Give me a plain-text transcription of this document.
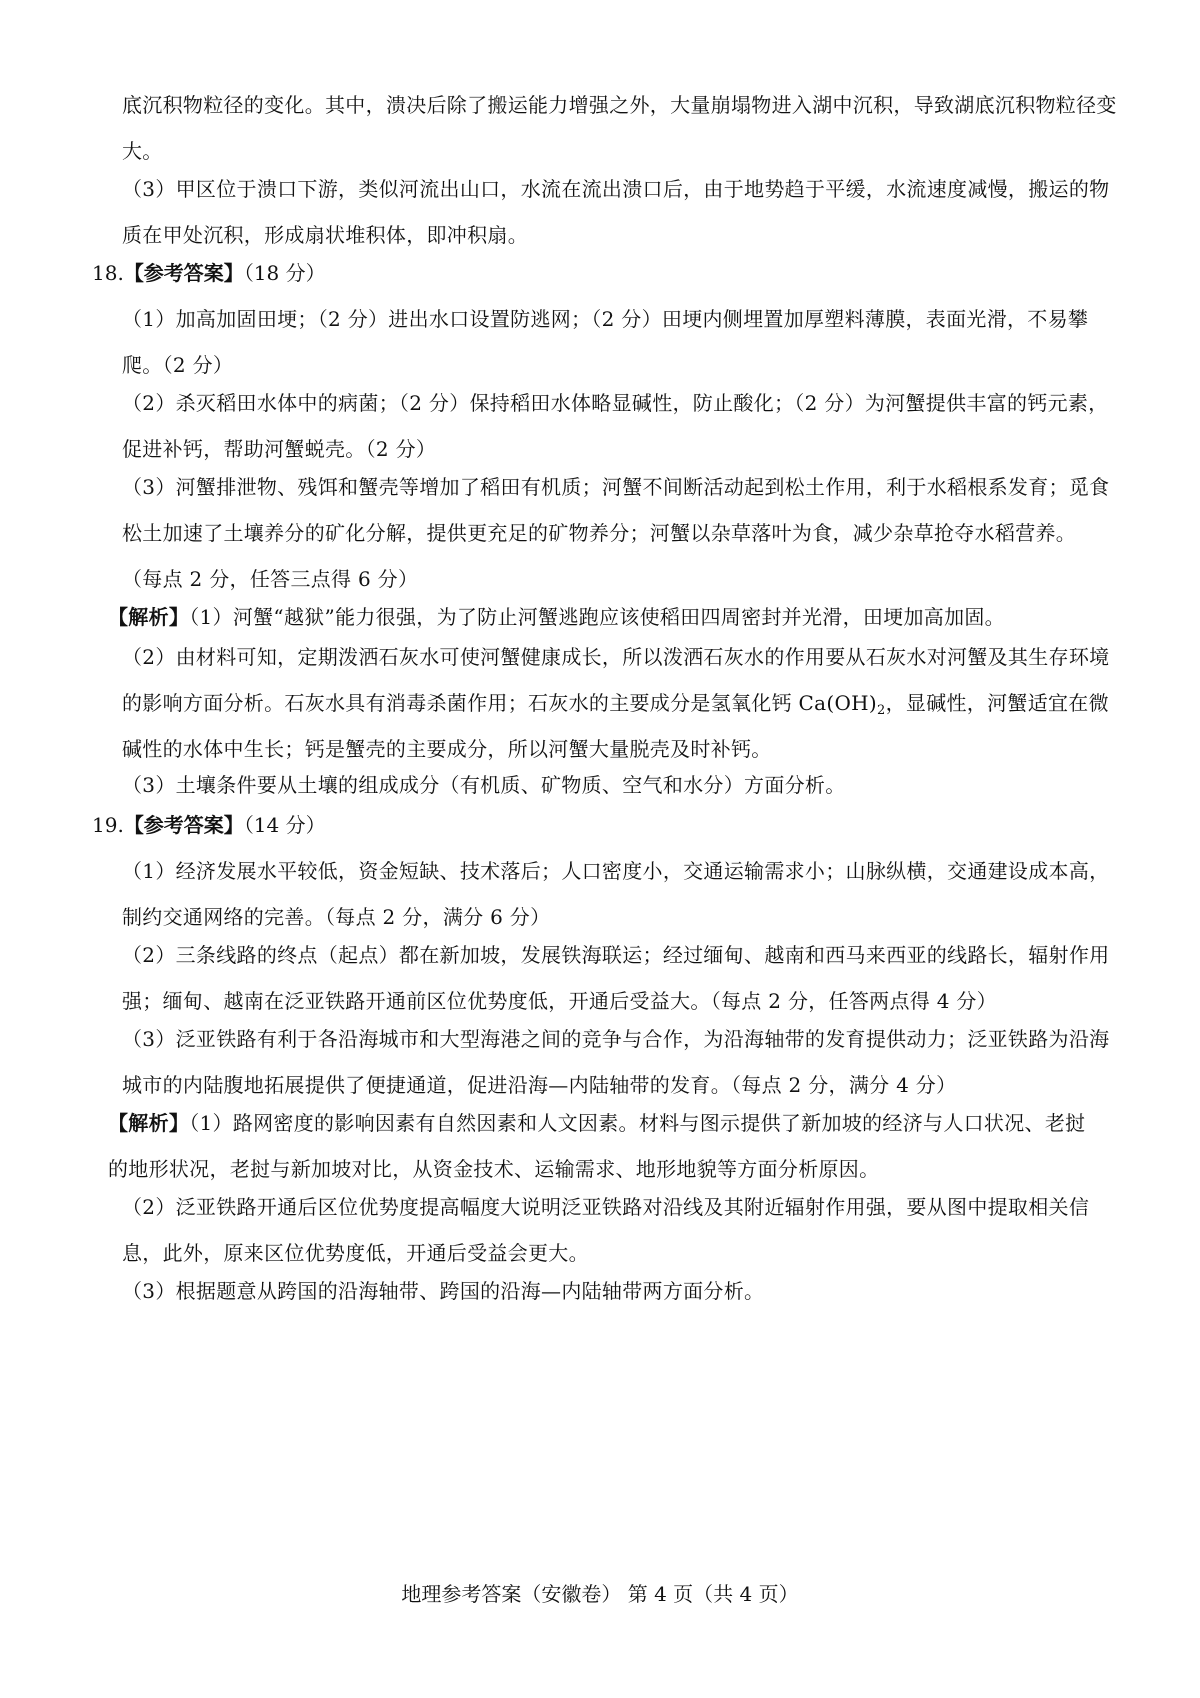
底沉积物粒径的变化。其中，溃决后除了搬运能力增强之外，大量崩塌物进入湖中沉积，导致湖底沉积物粒径变大。

（3）甲区位于溃口下游，类似河流出山口，水流在流出溃口后，由于地势趋于平缓，水流速度减慢，搬运的物质在甲处沉积，形成扇状堆积体，即冲积扇。

18.【参考答案】（18 分）

（1）加高加固田埂；（2 分）进出水口设置防逃网；（2 分）田埂内侧埋置加厚塑料薄膜，表面光滑，不易攀爬。（2 分）

（2）杀灭稻田水体中的病菌；（2 分）保持稻田水体略显碱性，防止酸化；（2 分）为河蟹提供丰富的钙元素，促进补钙，帮助河蟹蜕壳。（2 分）

（3）河蟹排泄物、残饵和蟹壳等增加了稻田有机质；河蟹不间断活动起到松土作用，利于水稻根系发育；觅食松土加速了土壤养分的矿化分解，提供更充足的矿物养分；河蟹以杂草落叶为食，减少杂草抢夺水稻营养。
（每点 2 分，任答三点得 6 分）

【解析】（1）河蟹“越狱”能力很强，为了防止河蟹逃跑应该使稻田四周密封并光滑，田埂加高加固。

（2）由材料可知，定期泼洒石灰水可使河蟹健康成长，所以泼洒石灰水的作用要从石灰水对河蟹及其生存环境的影响方面分析。石灰水具有消毒杀菌作用；石灰水的主要成分是氢氧化钙 $Ca(OH)_2$，显碱性，河蟹适宜在微碱性的水体中生长；钙是蟹壳的主要成分，所以河蟹大量脱壳及时补钙。

（3）土壤条件要从土壤的组成成分（有机质、矿物质、空气和水分）方面分析。

19.【参考答案】（14 分）

（1）经济发展水平较低，资金短缺、技术落后；人口密度小，交通运输需求小；山脉纵横，交通建设成本高，制约交通网络的完善。（每点 2 分，满分 6 分）

（2）三条线路的终点（起点）都在新加坡，发展铁海联运；经过缅甸、越南和西马来西亚的线路长，辐射作用强；缅甸、越南在泛亚铁路开通前区位优势度低，开通后受益大。（每点 2 分，任答两点得 4 分）

（3）泛亚铁路有利于各沿海城市和大型海港之间的竞争与合作，为沿海轴带的发育提供动力；泛亚铁路为沿海城市的内陆腹地拓展提供了便捷通道，促进沿海—内陆轴带的发育。（每点 2 分，满分 4 分）

【解析】（1）路网密度的影响因素有自然因素和人文因素。材料与图示提供了新加坡的经济与人口状况、老挝的地形状况，老挝与新加坡对比，从资金技术、运输需求、地形地貌等方面分析原因。

（2）泛亚铁路开通后区位优势度提高幅度大说明泛亚铁路对沿线及其附近辐射作用强，要从图中提取相关信息，此外，原来区位优势度低，开通后受益会更大。

（3）根据题意从跨国的沿海轴带、跨国的沿海—内陆轴带两方面分析。

地理参考答案（安徽卷） 第 4 页（共 4 页）
